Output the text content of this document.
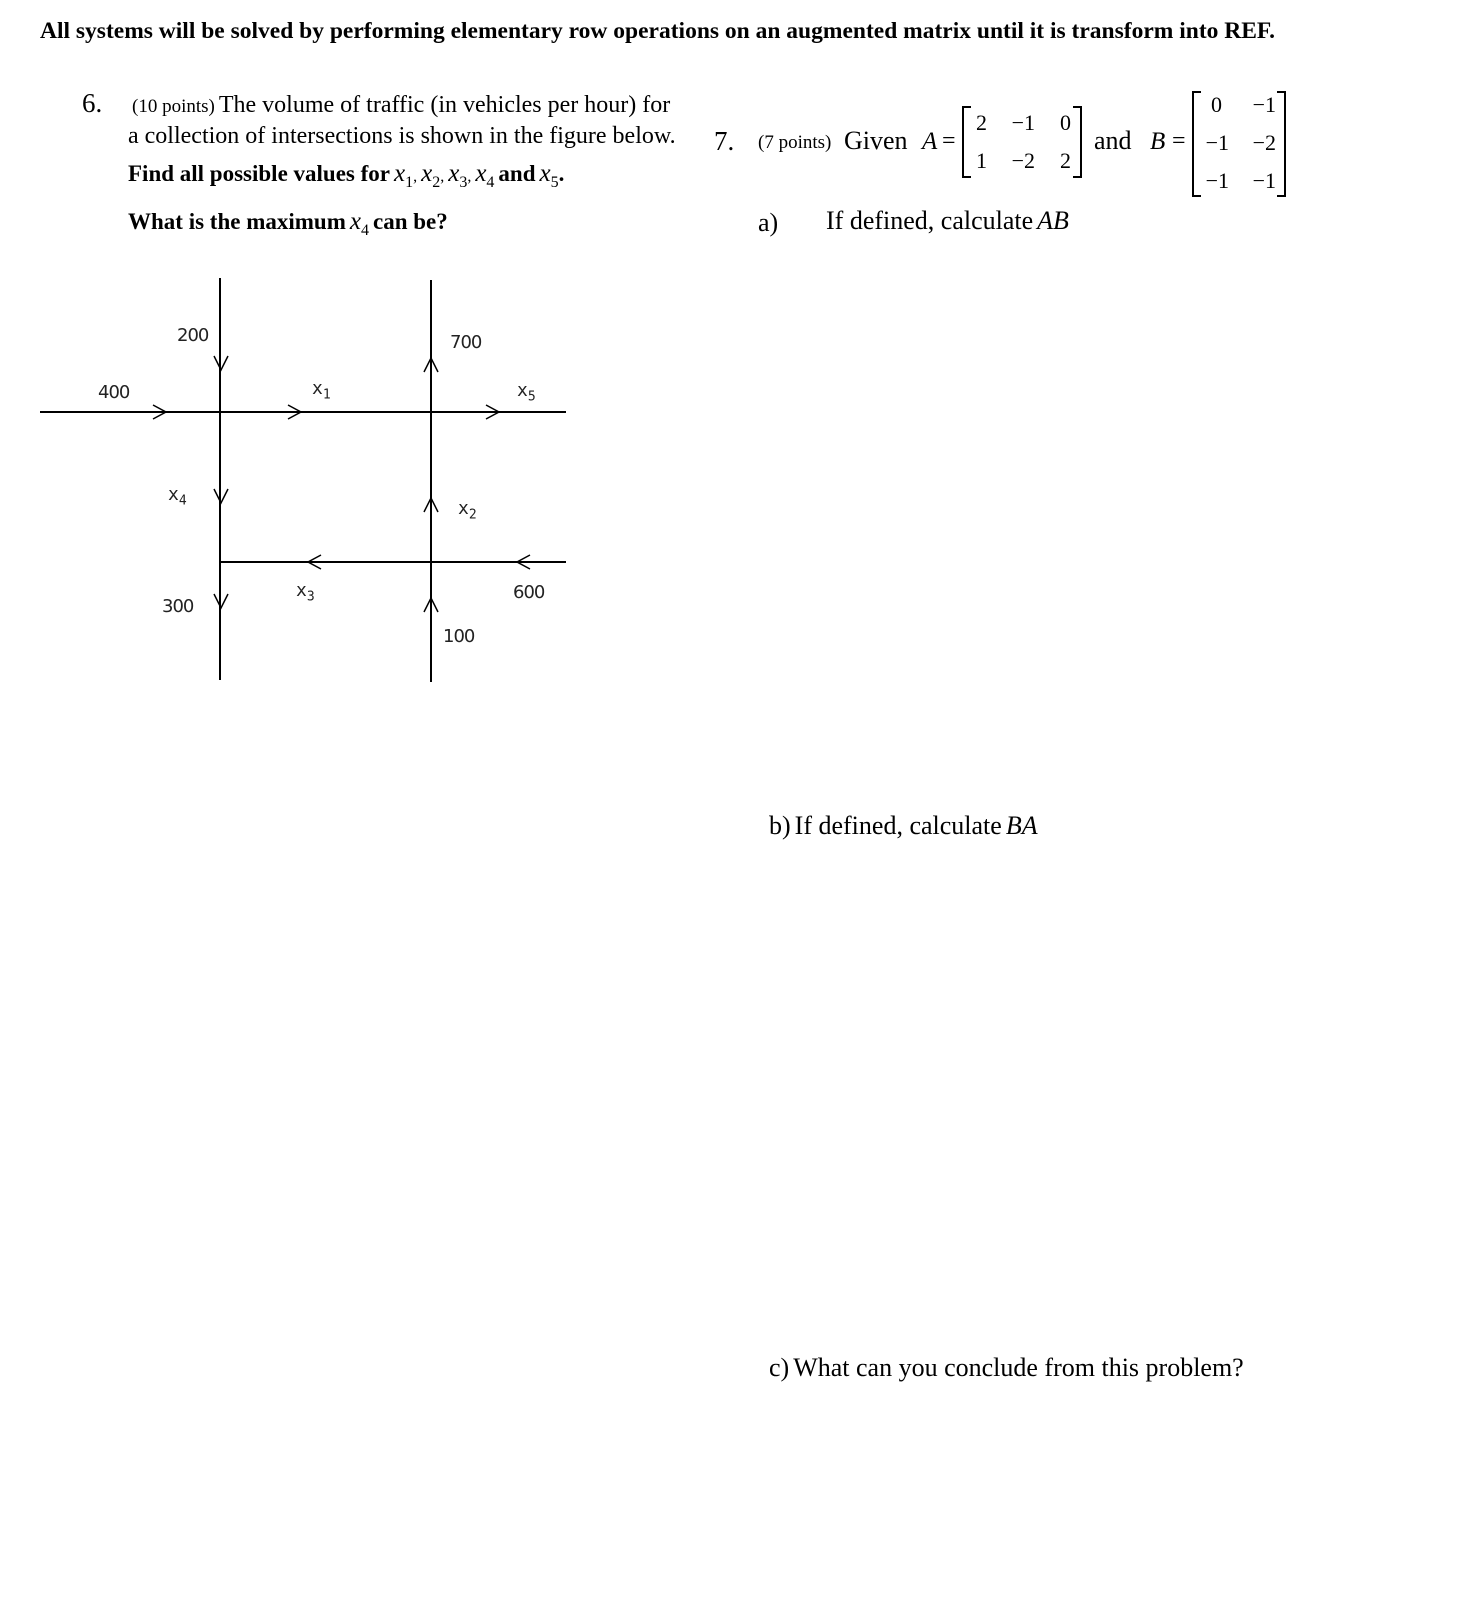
All systems will be solved by performing elementary row operations on an augmented matrix until it is transform into REF.
6. (10 points) The volume of traffic (in vehicles per hour) for
a collection of intersections is shown in the figure below.
Find all possible values for $x_1$, $x_2$, $x_3$, $x_4$ and $x_5$.
What is the maximum $x_4$ can be?
200	700
400
300
100
600
$x_1$
$x_2$
$x_3$
$x_4$
$x_5$
7. (7 points) Given A =
2	−1	0
1	−2	2
and B =
0	−1
−1	−2
−1	−1
a) If defined, calculate AB
b) If defined, calculate BA
c) What can you conclude from this problem?
